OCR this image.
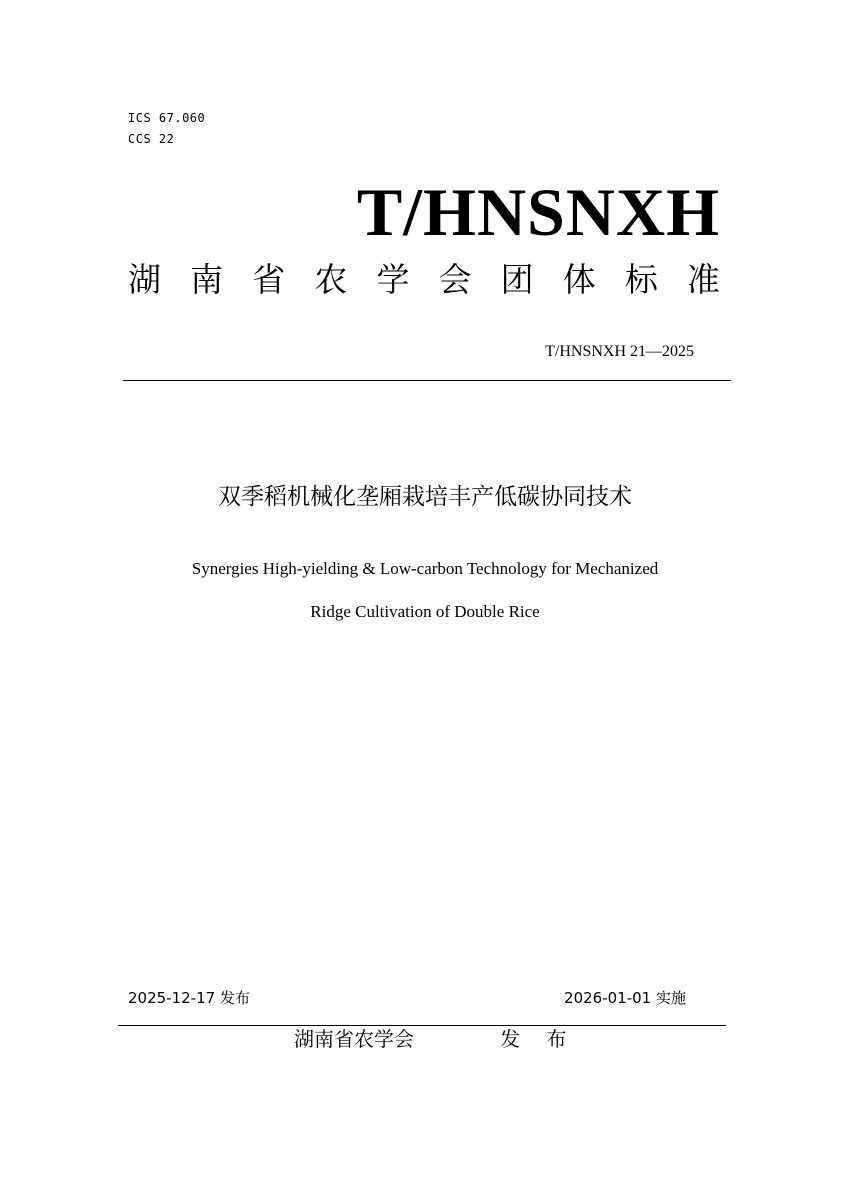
ICS 67.060
CCS 22
T/HNSNXH
湖 南 省 农 学 会 团 体 标 准
T/HNSNXH 21—2025
双季稻机械化垄厢栽培丰产低碳协同技术
Synergies High-yielding & Low-carbon Technology for Mechanized
Ridge Cultivation of Double Rice
2025-12-17 发布	2026-01-01 实施
湖南省农学会	发 布
